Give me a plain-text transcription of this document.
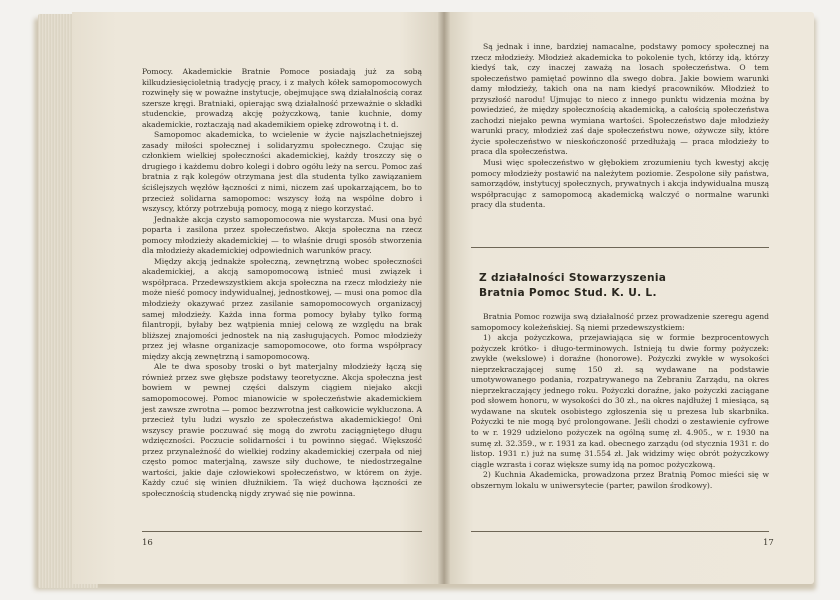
Pomocy. Akademickie Bratnie Pomoce posiadają już za sobą kilkudziesięcioletnią tradycję pracy, i z małych kółek samopomocowych rozwinęły się w poważne instytucje, obejmujące swą działalnością coraz szersze kręgi. Bratniaki, opierając swą działalność przeważnie o składki studenckie, prowadzą akcję pożyczkową, tanie kuchnie, domy akademickie, roztaczają nad akademikiem opiekę zdrowotną i t. d.

Samopomoc akademicka, to wcielenie w życie najszlachetniejszej zasady miłości społecznej i solidaryzmu społecznego. Czując się członkiem wielkiej społeczności akademickiej, każdy troszczy się o drugiego i każdemu dobro kolegi i dobro ogółu leży na sercu. Pomoc zaś bratnia z rąk kolegów otrzymana jest dla studenta tylko zawiązaniem ściślejszych węzłów łączności z nimi, niczem zaś upokarzającem, bo to przecież solidarna samopomoc: wszyscy łożą na wspólne dobro i wszyscy, którzy potrzebują pomocy, mogą z niego korzystać.

Jednakże akcja czysto samopomocowa nie wystarcza. Musi ona być poparta i zasilona przez społeczeństwo. Akcja społeczna na rzecz pomocy młodzieży akademickiej — to właśnie drugi sposób stworzenia dla młodzieży akademickiej odpowiednich warunków pracy.

Między akcją jednakże społeczną, zewnętrzną wobec społeczności akademickiej, a akcją samopomocową istnieć musi związek i współpraca. Przedewszystkiem akcja społeczna na rzecz młodzieży nie może nieść pomocy indywidualnej, jednostkowej, — musi ona pomoc dla młodzieży okazywać przez zasilanie samopomocowych organizacyj samej młodzieży. Każda inna forma pomocy byłaby tylko formą filantropji, byłaby bez wątpienia mniej celową ze względu na brak bliższej znajomości jednostek na nią zasługujących. Pomoc młodzieży przez jej własne organizacje samopomocowe, oto forma współpracy między akcją zewnętrzną i samopomocową.

Ale te dwa sposoby troski o byt materjalny młodzieży łączą się również przez swe głębsze podstawy teoretyczne. Akcja społeczna jest bowiem w pewnej części dalszym ciągiem niejako akcji samopomocowej. Pomoc mianowicie w społeczeństwie akademickiem jest zawsze zwrotna — pomoc bezzwrotna jest całkowicie wykluczona. A przecież tylu ludzi wyszło ze społeczeństwa akademickiego! Oni wszyscy prawie poczuwać się mogą do zwrotu zaciągniętego długu wdzięczności. Poczucie solidarności i tu powinno sięgać. Większość przez przynależność do wielkiej rodziny akademickiej czerpała od niej często pomoc materjalną, zawsze siły duchowe, te niedostrzegalne wartości, jakie daje człowiekowi społeczeństwo, w którem on żyje. Każdy czuć się winien dłużnikiem. Ta więź duchowa łączności ze społecznością studencką nigdy zrywać się nie powinna.

16

Są jednak i inne, bardziej namacalne, podstawy pomocy społecznej na rzecz młodzieży. Młodzież akademicka to pokolenie tych, którzy idą, którzy kiedyś tak, czy inaczej zaważą na losach społeczeństwa. O tem społeczeństwo pamiętać powinno dla swego dobra. Jakie bowiem warunki damy młodzieży, takich ona na nam kiedyś pracowników. Młodzież to przyszłość narodu! Ujmując to nieco z innego punktu widzenia można by powiedzieć, że między społecznością akademicką, a całością społeczeństwa zachodzi niejako pewna wymiana wartości. Społeczeństwo daje młodzieży warunki pracy, młodzież zaś daje społeczeństwu nowe, ożywcze siły, które życie społeczeństwo w nieskończoność przedłużają — praca młodzieży to praca dla społeczeństwa.

Musi więc społeczeństwo w głębokiem zrozumieniu tych kwestyj akcję pomocy młodzieży postawić na należytem poziomie. Zespolone siły państwa, samorządów, instytucyj społecznych, prywatnych i akcja indywidualna muszą współpracując z samopomocą akademicką walczyć o normalne warunki pracy dla studenta.

Z działalności Stowarzyszenia
Bratnia Pomoc Stud. K. U. L.

Bratnia Pomoc rozwija swą działalność przez prowadzenie szeregu agend samopomocy koleżeńskiej. Są niemi przedewszystkiem:

1) akcja pożyczkowa, przejawiająca się w formie bezprocentowych pożyczek krótko- i długo-terminowych. Istnieją tu dwie formy pożyczek: zwykłe (wekslowe) i doraźne (honorowe). Pożyczki zwykłe w wysokości nieprzekraczającej sumę 150 zł. są wydawane na podstawie umotywowanego podania, rozpatrywanego na Zebraniu Zarządu, na okres nieprzekraczający jednego roku. Pożyczki doraźne, jako pożyczki zaciągane pod słowem honoru, w wysokości do 30 zł., na okres najdłużej 1 miesiąca, są wydawane na skutek osobistego zgłoszenia się u prezesa lub skarbnika. Pożyczki te nie mogą być prolongowane. Jeśli chodzi o zestawienie cyfrowe to w r. 1929 udzielono pożyczek na ogólną sumę zł. 4.905., w r. 1930 na sumę zł. 32.359., w r. 1931 za kad. obecnego zarządu (od stycznia 1931 r. do listop. 1931 r.) już na sumę 31.554 zł. Jak widzimy więc obrót pożyczkowy ciągle wzrasta i coraz większe sumy idą na pomoc pożyczkową.

2) Kuchnia Akademicka, prowadzona przez Bratnią Pomoc mieści się w obszernym lokalu w uniwersytecie (parter, pawilon środkowy).

17
